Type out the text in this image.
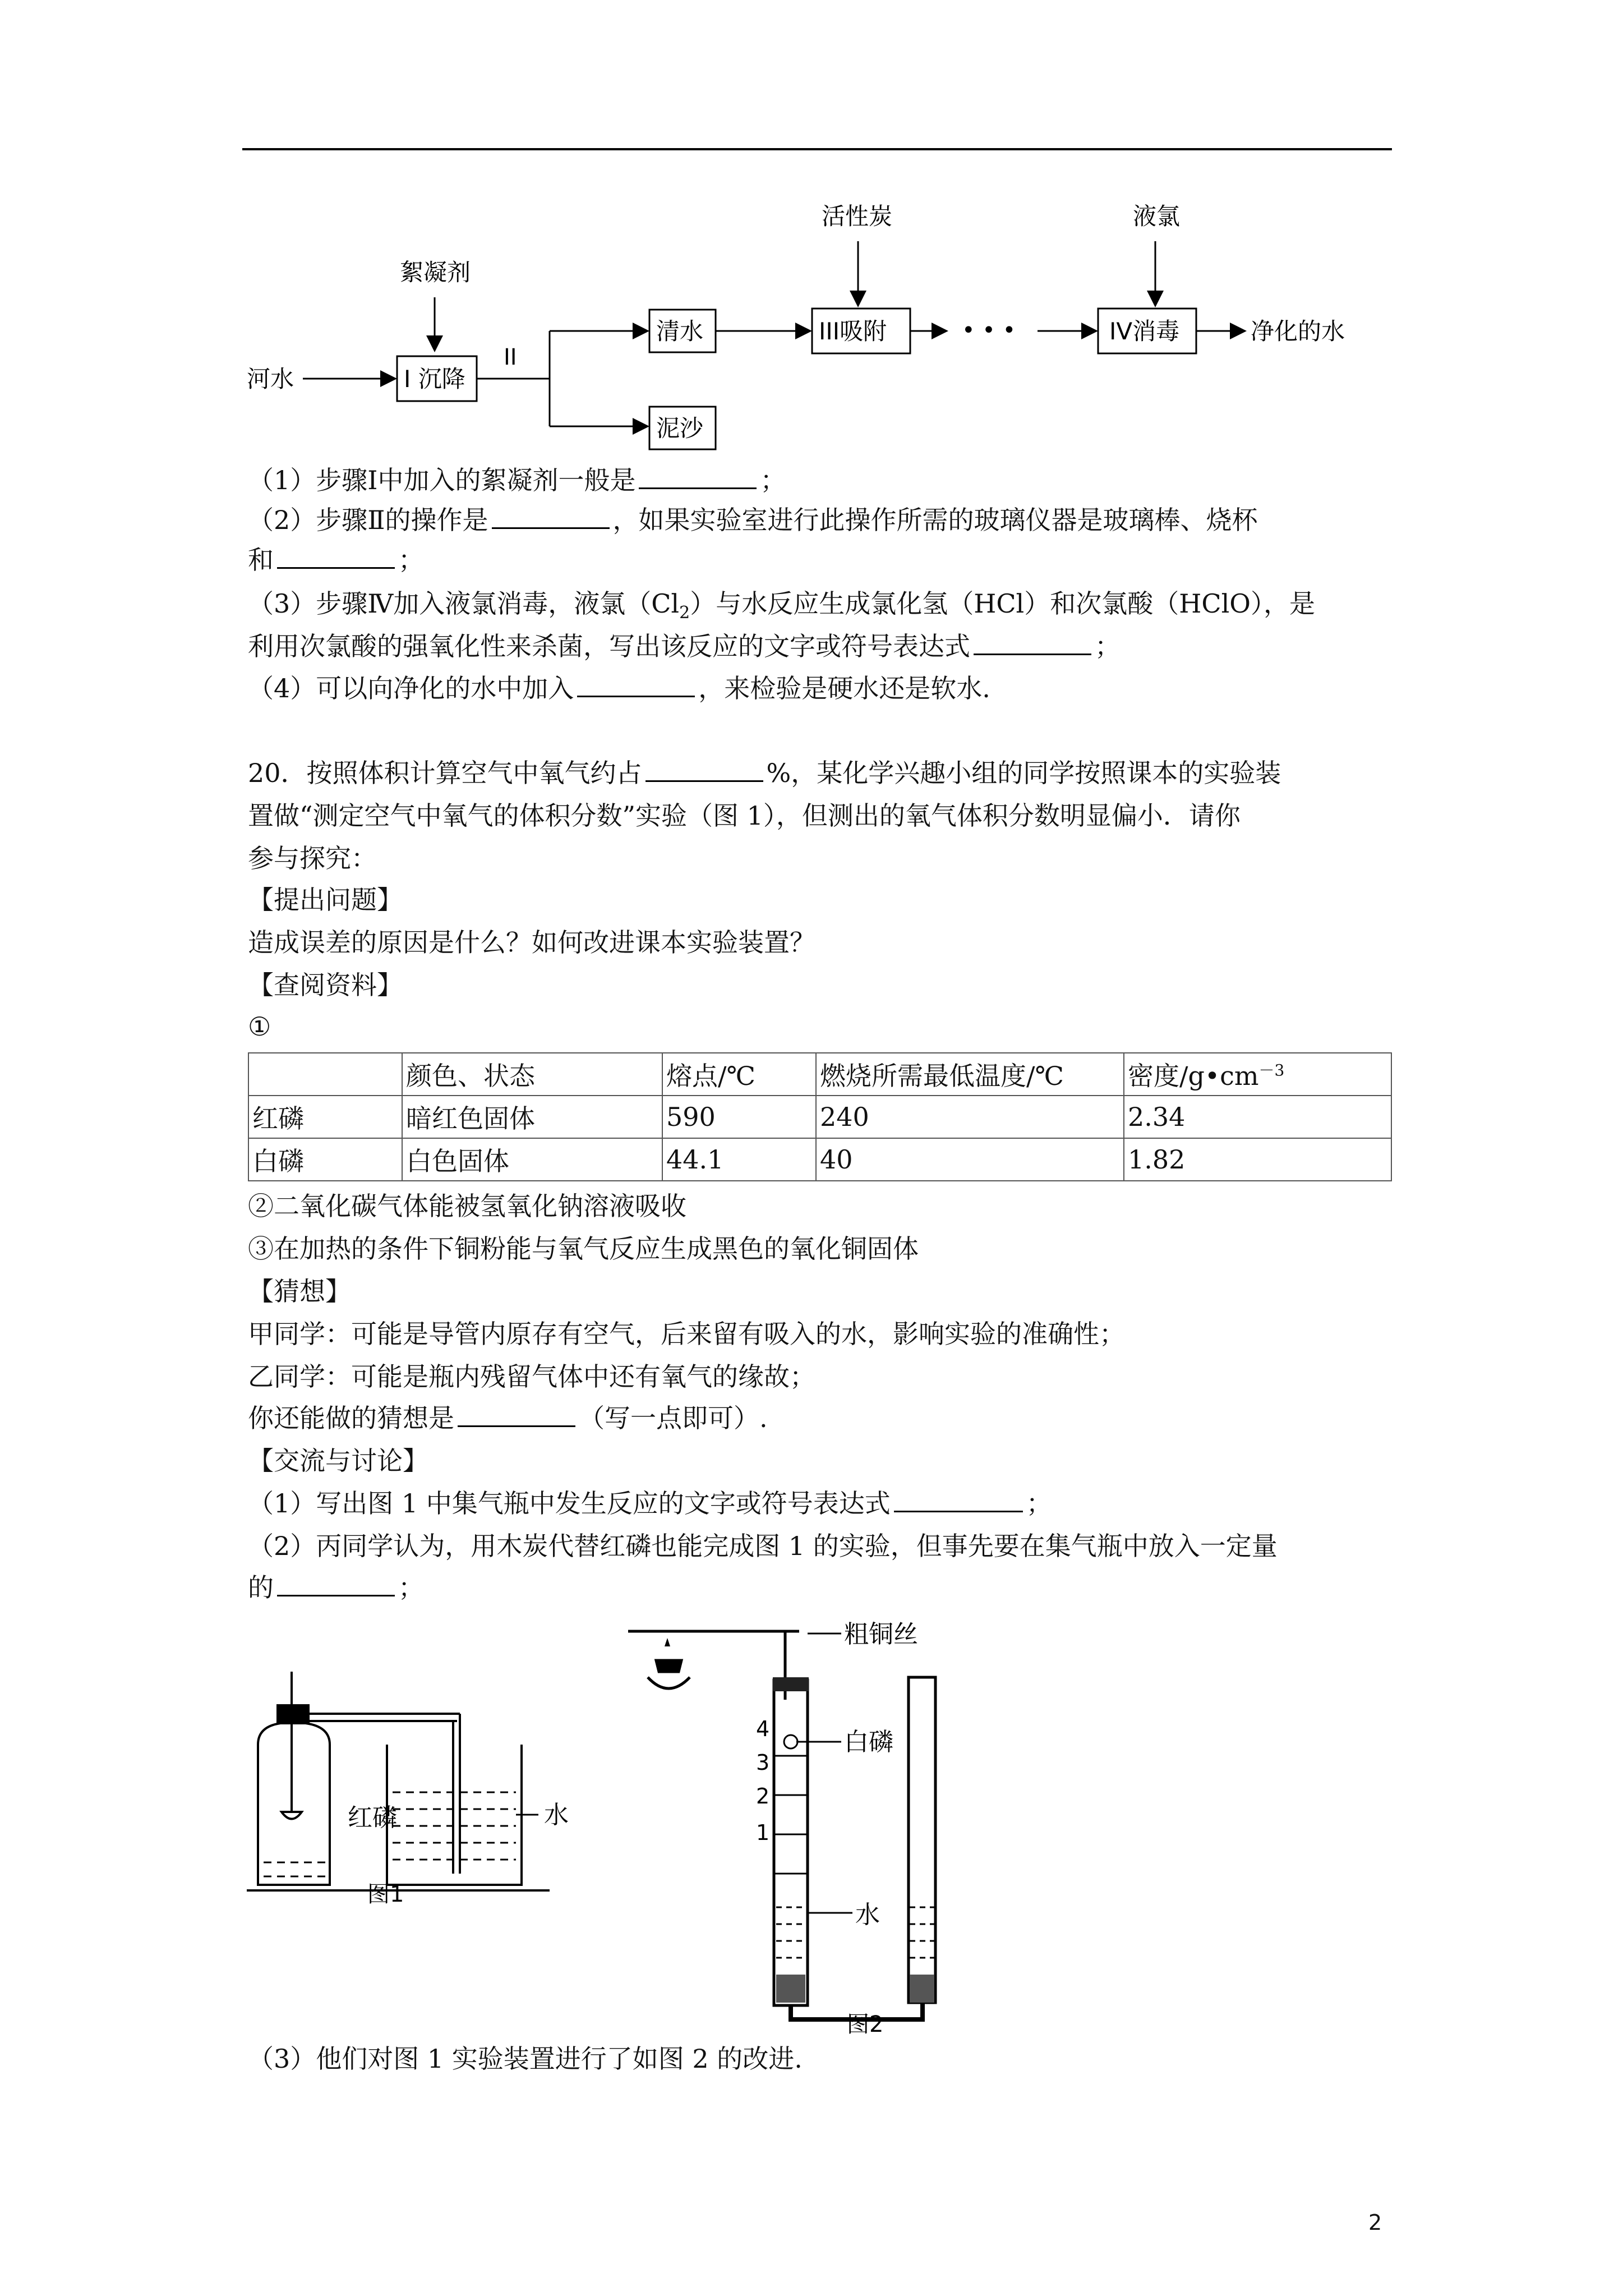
河水
絮凝剂
I 沉降
II
清水
泥沙
活性炭
III吸附	• • •
液氯
IV消毒	净化的水
（1）步骤Ⅰ中加入的絮凝剂一般是	；
（2）步骤Ⅱ的操作是	，如果实验室进行此操作所需的玻璃仪器是玻璃棒、烧杯
和	；
（3）步骤Ⅳ加入液氯消毒，液氯$(Cl_2)$与水反应生成氯化氢（HCl）和次氯酸（HClO），是
利用次氯酸的强氧化性来杀菌，写出该反应的文字或符号表达式	；
（4）可以向净化的水中加入	，来检验是硬水还是软水.
20．按照体积计算空气中氧气约占	%，某化学兴趣小组的同学按照课本的实验装
置做“测定空气中氧气的体积分数”实验（图 1），但测出的氧气体积分数明显偏小．请你
参与探究：
【提出问题】
造成误差的原因是什么？如何改进课本实验装置？
【查阅资料】
①
	颜色、状态	熔点/℃	燃烧所需最低温度/℃	密度$/g•cm^{-3}$
红磷	暗红色固体	590	240	2.34
白磷	白色固体	44.1	40	1.82
②二氧化碳气体能被氢氧化钠溶液吸收
③在加热的条件下铜粉能与氧气反应生成黑色的氧化铜固体
【猜想】
甲同学：可能是导管内原存有空气，后来留有吸入的水，影响实验的准确性；
乙同学：可能是瓶内残留气体中还有氧气的缘故；
你还能做的猜想是	（写一点即可）.
【交流与讨论】
（1）写出图 1 中集气瓶中发生反应的文字或符号表达式	；
（2）丙同学认为，用木炭代替红磷也能完成图 1 的实验，但事先要在集气瓶中放入一定量
的	；
红磷	水
图1
粗铜丝
白磷
水
4
3
2
1
图2
（3）他们对图 1 实验装置进行了如图 2 的改进.
2
